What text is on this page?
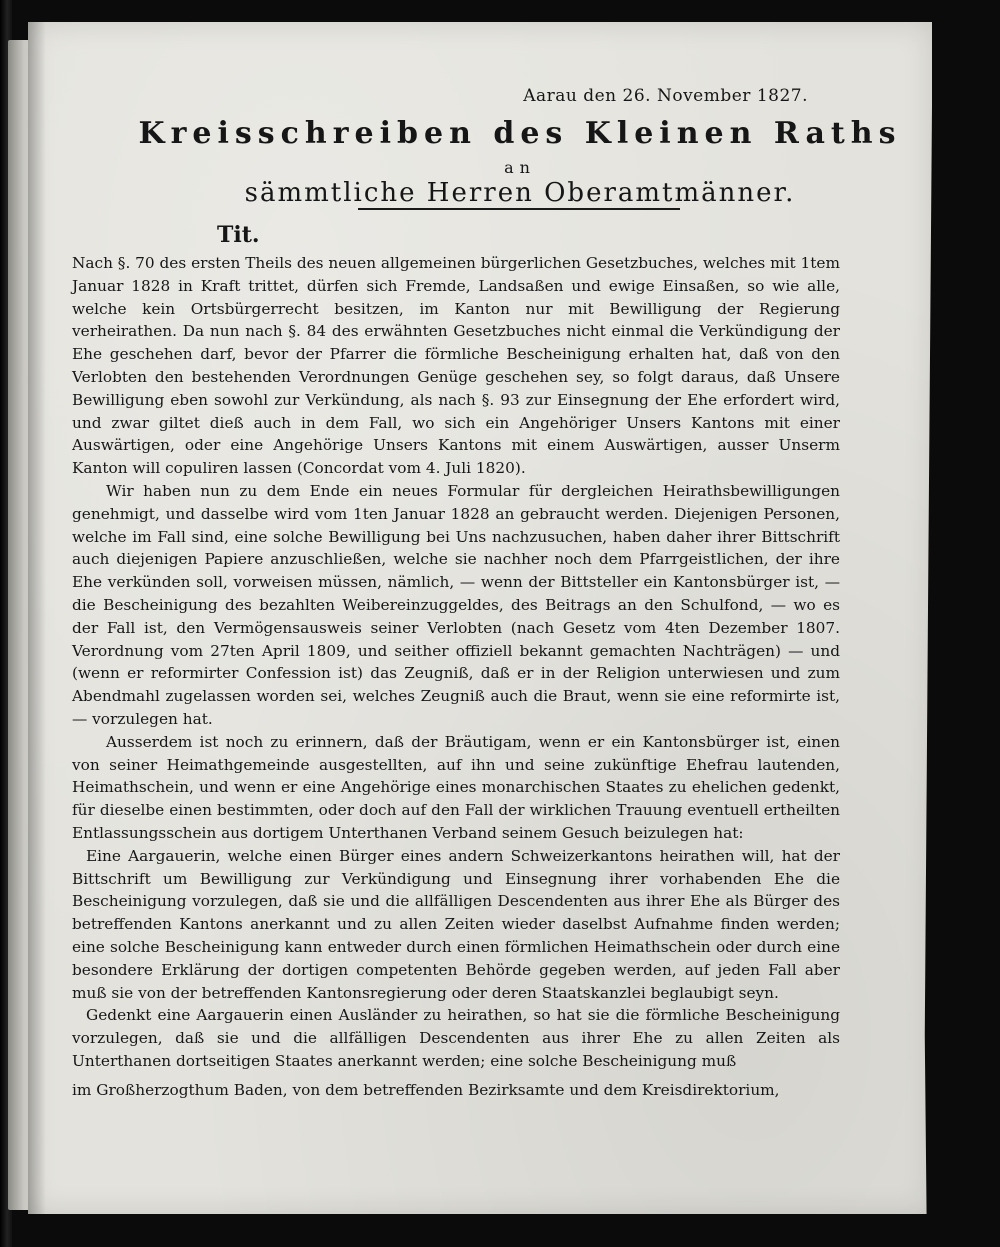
Aarau den 26. November 1827.
Kreisschreiben des Kleinen Raths
an
sämmtliche Herren Oberamtmänner.
Tit.

Nach §. 70 des ersten Theils des neuen allgemeinen bürgerlichen Gesetzbuches, welches mit 1tem Januar 1828 in Kraft trittet, dürfen sich Fremde, Landsaßen und ewige Einsaßen, so wie alle, welche kein Ortsbürgerrecht besitzen, im Kanton nur mit Bewilligung der Regierung verheirathen. Da nun nach §. 84 des erwähnten Gesetzbuches nicht einmal die Verkündigung der Ehe geschehen darf, bevor der Pfarrer die förmliche Bescheinigung erhalten hat, daß von den Verlobten den bestehenden Verordnungen Genüge geschehen sey, so folgt daraus, daß Unsere Bewilligung eben sowohl zur Verkündung, als nach §. 93 zur Einsegnung der Ehe erfordert wird, und zwar giltet dieß auch in dem Fall, wo sich ein Angehöriger Unsers Kantons mit einer Auswärtigen, oder eine Angehörige Unsers Kantons mit einem Auswärtigen, ausser Unserm Kanton will copuliren lassen (Concordat vom 4. Juli 1820).

Wir haben nun zu dem Ende ein neues Formular für dergleichen Heirathsbewilligungen genehmigt, und dasselbe wird vom 1ten Januar 1828 an gebraucht werden. Diejenigen Personen, welche im Fall sind, eine solche Bewilligung bei Uns nachzusuchen, haben daher ihrer Bittschrift auch diejenigen Papiere anzuschließen, welche sie nachher noch dem Pfarrgeistlichen, der ihre Ehe verkünden soll, vorweisen müssen, nämlich, — wenn der Bittsteller ein Kantonsbürger ist, — die Bescheinigung des bezahlten Weibereinzuggeldes, des Beitrags an den Schulfond, — wo es der Fall ist, den Vermögensausweis seiner Verlobten (nach Gesetz vom 4ten Dezember 1807. Verordnung vom 27ten April 1809, und seither offiziell bekannt gemachten Nachträgen) — und (wenn er reformirter Confession ist) das Zeugniß, daß er in der Religion unterwiesen und zum Abendmahl zugelassen worden sei, welches Zeugniß auch die Braut, wenn sie eine reformirte ist, — vorzulegen hat.

Ausserdem ist noch zu erinnern, daß der Bräutigam, wenn er ein Kantonsbürger ist, einen von seiner Heimathgemeinde ausgestellten, auf ihn und seine zukünftige Ehefrau lautenden, Heimathschein, und wenn er eine Angehörige eines monarchischen Staates zu ehelichen gedenkt, für dieselbe einen bestimmten, oder doch auf den Fall der wirklichen Trauung eventuell ertheilten Entlassungsschein aus dortigem Unterthanen Verband seinem Gesuch beizulegen hat:

Eine Aargauerin, welche einen Bürger eines andern Schweizerkantons heirathen will, hat der Bittschrift um Bewilligung zur Verkündigung und Einsegnung ihrer vorhabenden Ehe die Bescheinigung vorzulegen, daß sie und die allfälligen Descendenten aus ihrer Ehe als Bürger des betreffenden Kantons anerkannt und zu allen Zeiten wieder daselbst Aufnahme finden werden; eine solche Bescheinigung kann entweder durch einen förmlichen Heimathschein oder durch eine besondere Erklärung der dortigen competenten Behörde gegeben werden, auf jeden Fall aber muß sie von der betreffenden Kantonsregierung oder deren Staatskanzlei beglaubigt seyn.

Gedenkt eine Aargauerin einen Ausländer zu heirathen, so hat sie die förmliche Bescheinigung vorzulegen, daß sie und die allfälligen Descendenten aus ihrer Ehe zu allen Zeiten als Unterthanen dortseitigen Staates anerkannt werden; eine solche Bescheinigung muß

im Großherzogthum Baden, von dem betreffenden Bezirksamte und dem Kreisdirektorium,
